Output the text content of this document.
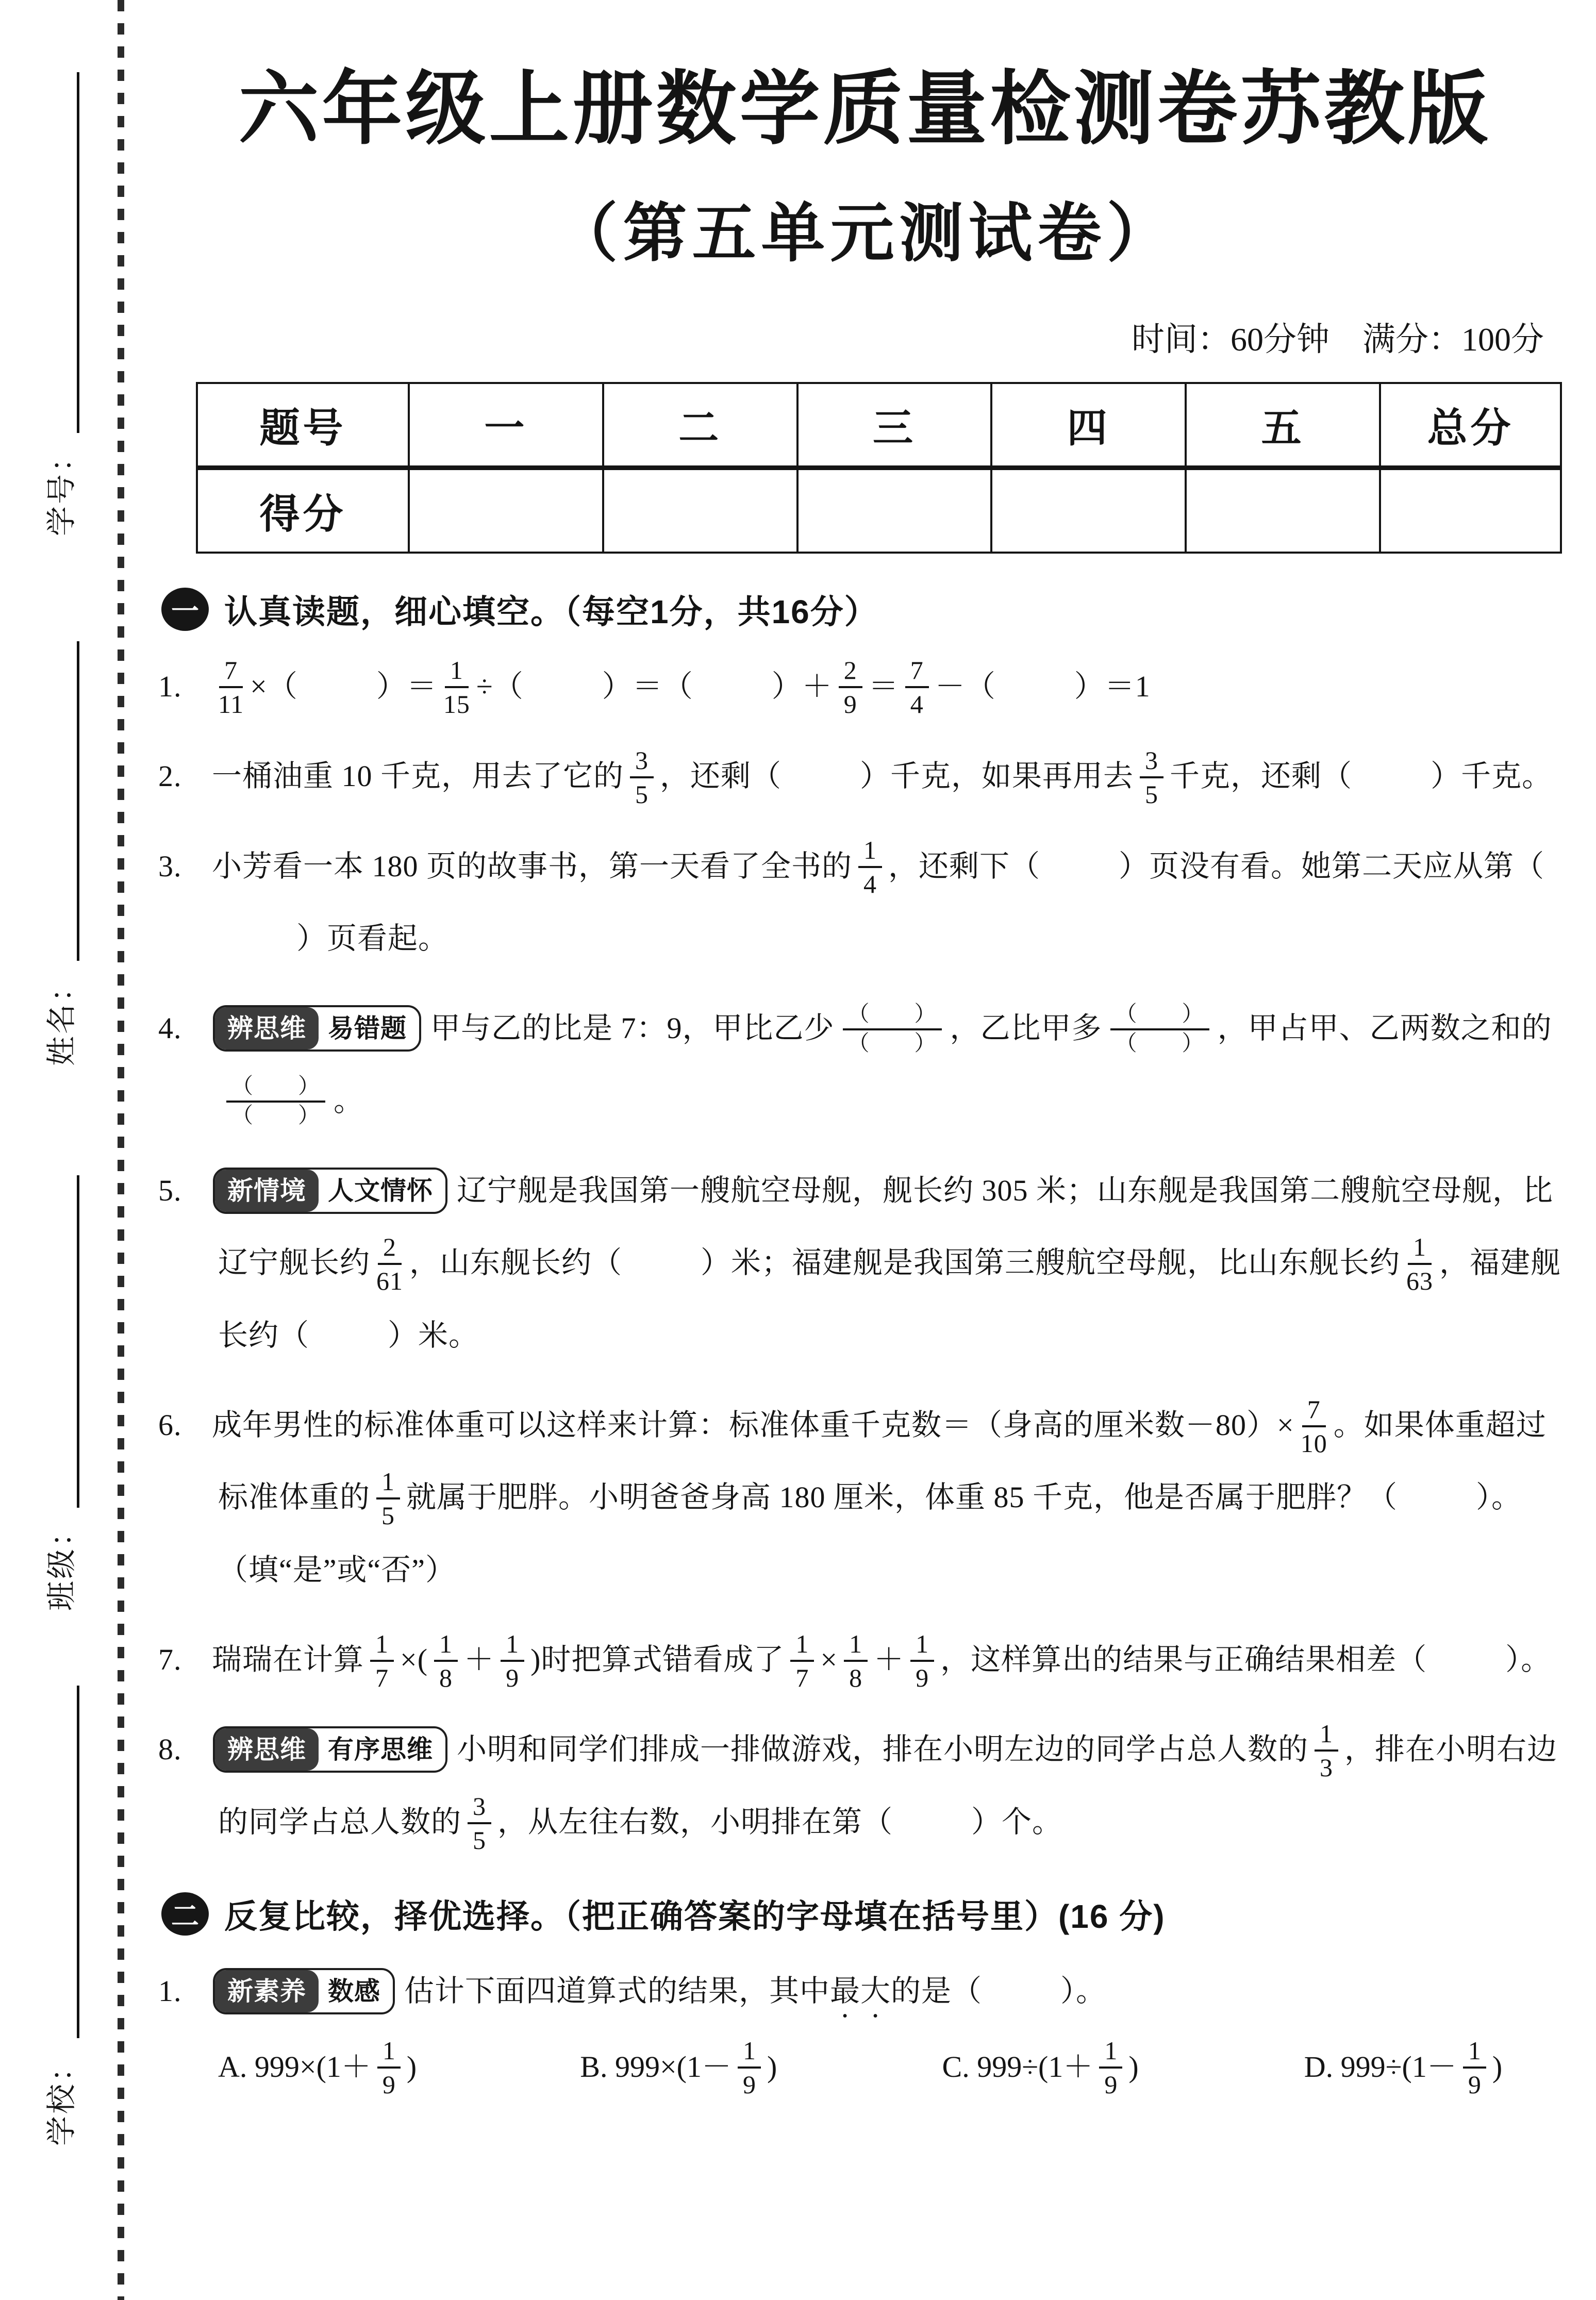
学号：
姓名：
班级：
学校：
六年级上册数学质量检测卷苏教版
（第五单元测试卷）
时间：60分钟　满分：100分
题号	一	二	三	四	五	总分
得分						
一 认真读题，细心填空。（每空1分，共16分）
1. $\frac{7}{11}$ ×（	）＝ $\frac{1}{15}$ ÷（	）＝（	）＋ $\frac{2}{9} = \frac{7}{4}$ －（	）＝1
2. 一桶油重 10 千克，用去了它的 $\frac{3}{5}$ ，还剩（	）千克，如果再用去 $\frac{3}{5}$ 千克，还剩（	）千克。
3. 小芳看一本 180 页的故事书，第一天看了全书的 $\frac{1}{4}$ ，还剩下（	）页没有看。她第二天应从第（）页看起。
4.	辨思维 易错题 甲与乙的比是 7：9，甲比乙少 $\frac{( )}{( )}$ ，乙比甲多 $\frac{( )}{( )}$ ，甲占甲、乙两数之和的
$\frac{( )}{( )}$ 。
5.	新情境 人文情怀 辽宁舰是我国第一艘航空母舰，舰长约 305 米；山东舰是我国第二艘航空母舰，比辽宁舰长约 $\frac{2}{61}$ ，山东舰长约（	）米；福建舰是我国第三艘航空母舰，比山东舰长约 $\frac{1}{63}$ ，福建舰长约（	）米。
6. 成年男性的标准体重可以这样来计算：标准体重千克数＝（身高的厘米数$-80)\times \frac{7}{10}$ 。如果体重超过标准体重的 $\frac{1}{5}$ 就属于肥胖。小明爸爸身高 180 厘米，体重 85 千克，他是否属于肥胖？（	）。（填“是”或“否”）
7. 瑞瑞在计算 $\frac{1}{7}$ ×( $\frac{1}{8} + \frac{1}{9}$ )时把算式错看成了 $\frac{1}{7} \times \frac{1}{8} + \frac{1}{9}$ ，这样算出的结果与正确结果相差（	）。
8.	辨思维 有序思维 小明和同学们排成一排做游戏，排在小明左边的同学占总人数的 $\frac{1}{3}$ ，排在小明右边的同学占总人数的 $\frac{3}{5}$ ，从左往右数，小明排在第（	）个。
二 反复比较，择优选择。（把正确答案的字母填在括号里）(16 分)
1.	新素养 数感 估计下面四道算式的结果，其中最大的是（	）。
A. $999\times(1+ \frac{1}{9}$ )	B. $999\times(1- \frac{1}{9}$ )	C. $999\div(1+ \frac{1}{9}$ )	D. $999\div(1- \frac{1}{9}$ )
